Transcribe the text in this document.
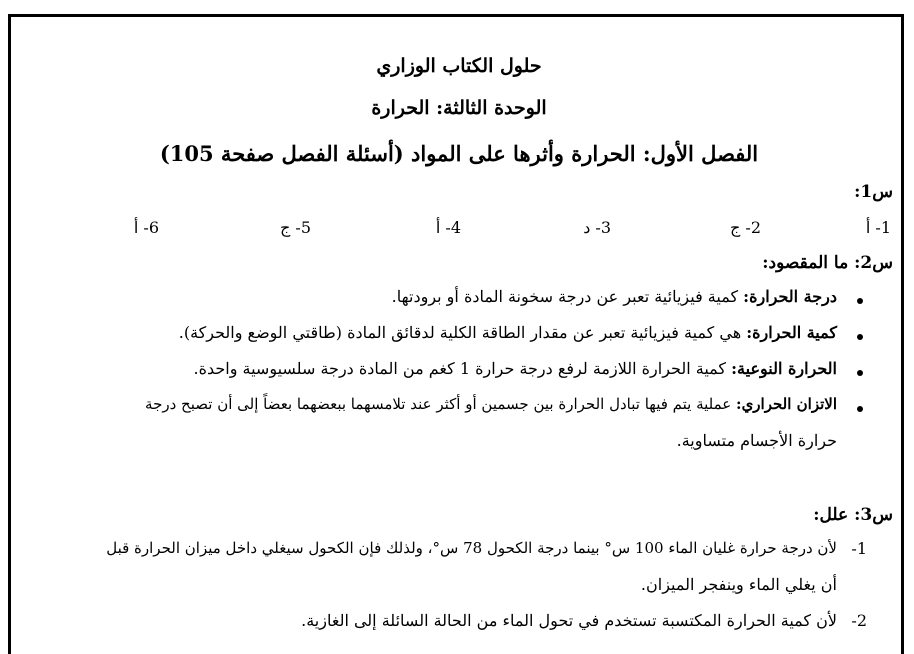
حلول الكتاب الوزاري
الوحدة الثالثة: الحرارة
الفصل الأول: الحرارة وأثرها على المواد (أسئلة الفصل صفحة 105)
س1:
1- أ
2- ج
3- د
4- أ
5- ج
6- أ
س2: ما المقصود:
درجة الحرارة: كمية فيزيائية تعبر عن درجة سخونة المادة أو برودتها.
كمية الحرارة: هي كمية فيزيائية تعبر عن مقدار الطاقة الكلية لدقائق المادة (طاقتي الوضع والحركة).
الحرارة النوعية: كمية الحرارة اللازمة لرفع درجة حرارة 1 كغم من المادة درجة سلسيوسية واحدة.
الاتزان الحراري: عملية يتم فيها تبادل الحرارة بين جسمين أو أكثر عند تلامسهما ببعضهما بعضاً إلى أن تصبح درجة
حرارة الأجسام متساوية.
س3: علل:
1-
لأن درجة حرارة غليان الماء 100 س° بينما درجة الكحول 78 س°، ولذلك فإن الكحول سيغلي داخل ميزان الحرارة قبل
أن يغلي الماء وينفجر الميزان.
2-
لأن كمية الحرارة المكتسبة تستخدم في تحول الماء من الحالة السائلة إلى الغازية.
